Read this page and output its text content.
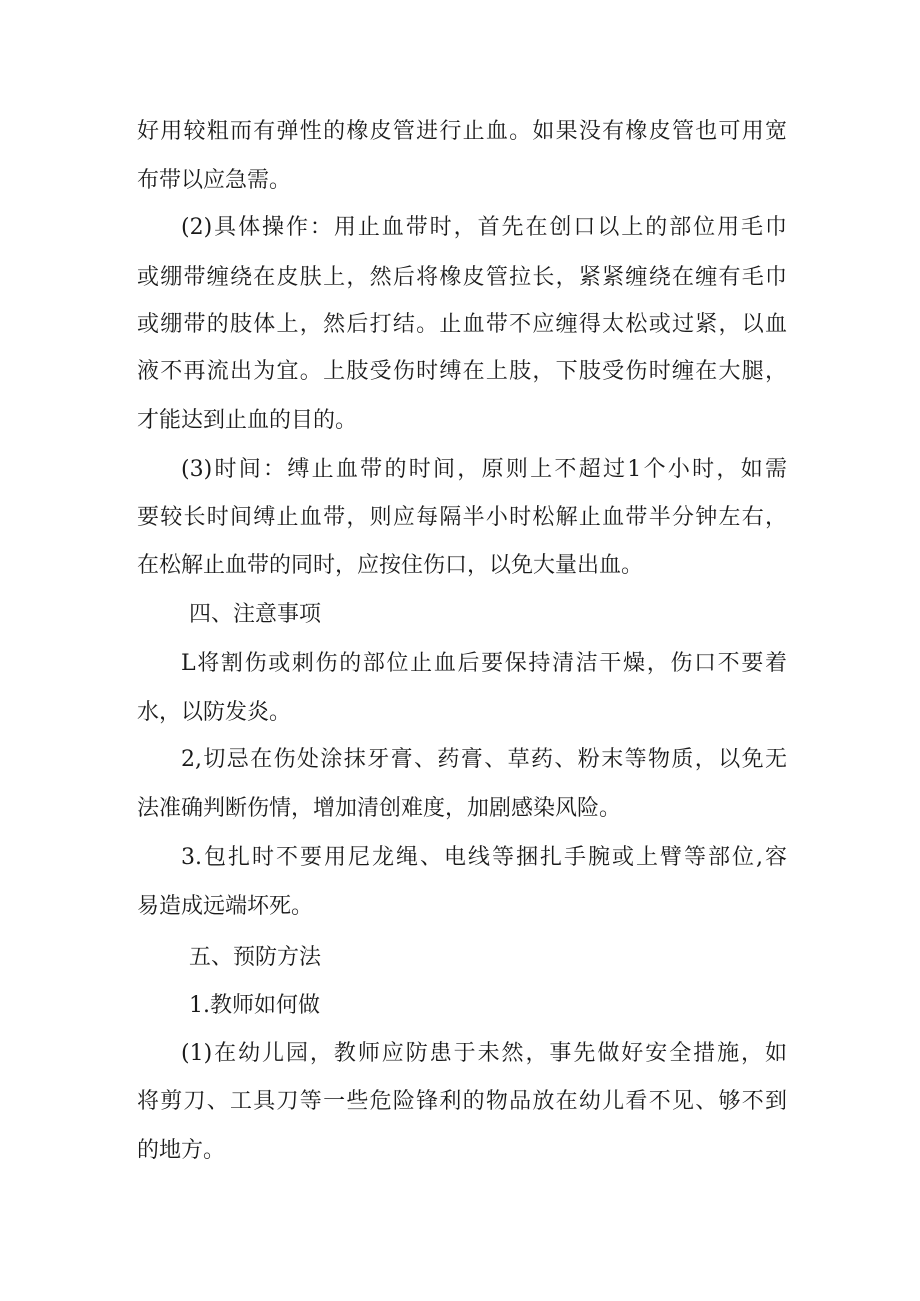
好用较粗而有弹性的橡皮管进行止血。如果没有橡皮管也可用宽
布带以应急需。
(2)具体操作：用止血带时，首先在创口以上的部位用毛巾
或绷带缠绕在皮肤上，然后将橡皮管拉长，紧紧缠绕在缠有毛巾
或绷带的肢体上，然后打结。止血带不应缠得太松或过紧，以血
液不再流出为宜。上肢受伤时缚在上肢，下肢受伤时缠在大腿，
才能达到止血的目的。
(3)时间：缚止血带的时间，原则上不超过1个小时，如需
要较长时间缚止血带，则应每隔半小时松解止血带半分钟左右，
在松解止血带的同时，应按住伤口，以免大量出血。
四、注意事项
L将割伤或刺伤的部位止血后要保持清洁干燥，伤口不要着
水，以防发炎。
2,切忌在伤处涂抹牙膏、药膏、草药、粉末等物质，以免无
法准确判断伤情，增加清创难度，加剧感染风险。
3.包扎时不要用尼龙绳、电线等捆扎手腕或上臂等部位,容
易造成远端坏死。
五、预防方法
1.教师如何做
(1)在幼儿园，教师应防患于未然，事先做好安全措施，如
将剪刀、工具刀等一些危险锋利的物品放在幼儿看不见、够不到
的地方。
